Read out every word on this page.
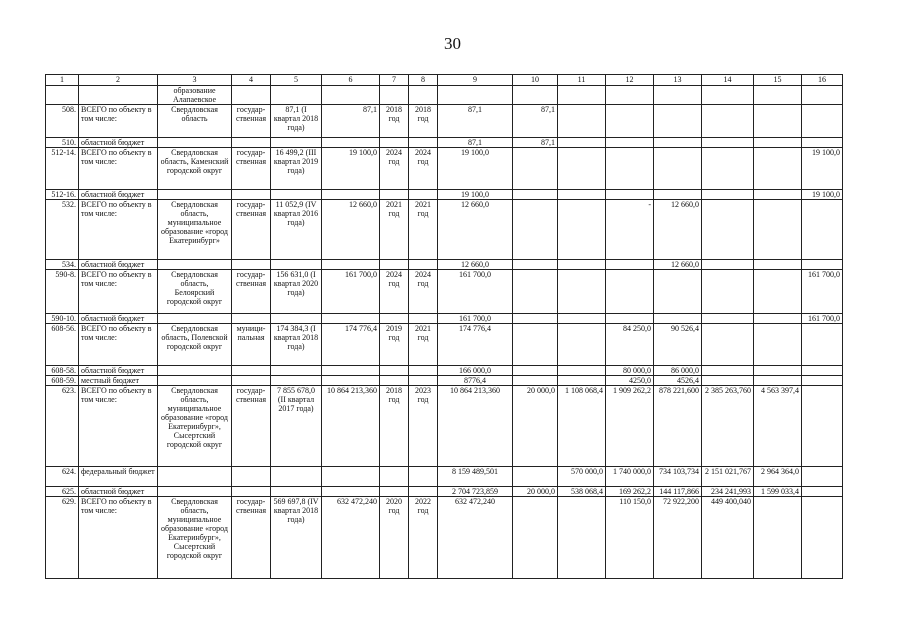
30
1	2	3	4	5	6	7	8	9	10	11	12	13	14	15	16
		образование Алапаевское													
508.	ВСЕГО по объекту в том числе:	Свердловская область	государ-ственная	87,1 (I квартал 2018 года)	87,1	2018 год	2018 год	87,1	87,1						
510.	областной бюджет							87,1	87,1						
512-14.	ВСЕГО по объекту в том числе:	Свердловская область, Каменский городской округ	государ-ственная	16 499,2 (III квартал 2019 года)	19 100,0	2024 год	2024 год	19 100,0							19 100,0
512-16.	областной бюджет							19 100,0							19 100,0
532.	ВСЕГО по объекту в том числе:	Свердловская область, муниципальное образование «город Екатеринбург»	государ-ственная	11 052,9 (IV квартал 2016 года)	12 660,0	2021 год	2021 год	12 660,0			-	12 660,0			
534.	областной бюджет							12 660,0				12 660,0			
590-8.	ВСЕГО по объекту в том числе:	Свердловская область, Белоярский городской округ	государ-ственная	156 631,0 (I квартал 2020 года)	161 700,0	2024 год	2024 год	161 700,0							161 700,0
590-10.	областной бюджет							161 700,0							161 700,0
608-56.	ВСЕГО по объекту в том числе:	Свердловская область, Полевской городской округ	муници-пальная	174 384,3 (I квартал 2018 года)	174 776,4	2019 год	2021 год	174 776,4			84 250,0	90 526,4			
608-58.	областной бюджет							166 000,0			80 000,0	86 000,0			
608-59.	местный бюджет							8776,4			4250,0	4526,4			
623.	ВСЕГО по объекту в том числе:	Свердловская область, муниципальное образование «город Екатеринбург», Сысертский городской округ	государ-ственная	7 855 678,0 (II квартал 2017 года)	10 864 213,360	2018 год	2023 год	10 864 213,360	20 000,0	1 108 068,4	1 909 262,2	878 221,600	2 385 263,760	4 563 397,4	
624.	федеральный бюджет							8 159 489,501		570 000,0	1 740 000,0	734 103,734	2 151 021,767	2 964 364,0	
625.	областной бюджет							2 704 723,859	20 000,0	538 068,4	169 262,2	144 117,866	234 241,993	1 599 033,4	
629.	ВСЕГО по объекту в том числе:	Свердловская область, муниципальное образование «город Екатеринбург», Сысертский городской округ	государ-ственная	569 697,8 (IV квартал 2018 года)	632 472,240	2020 год	2022 год	632 472,240			110 150,0	72 922,200	449 400,040		
